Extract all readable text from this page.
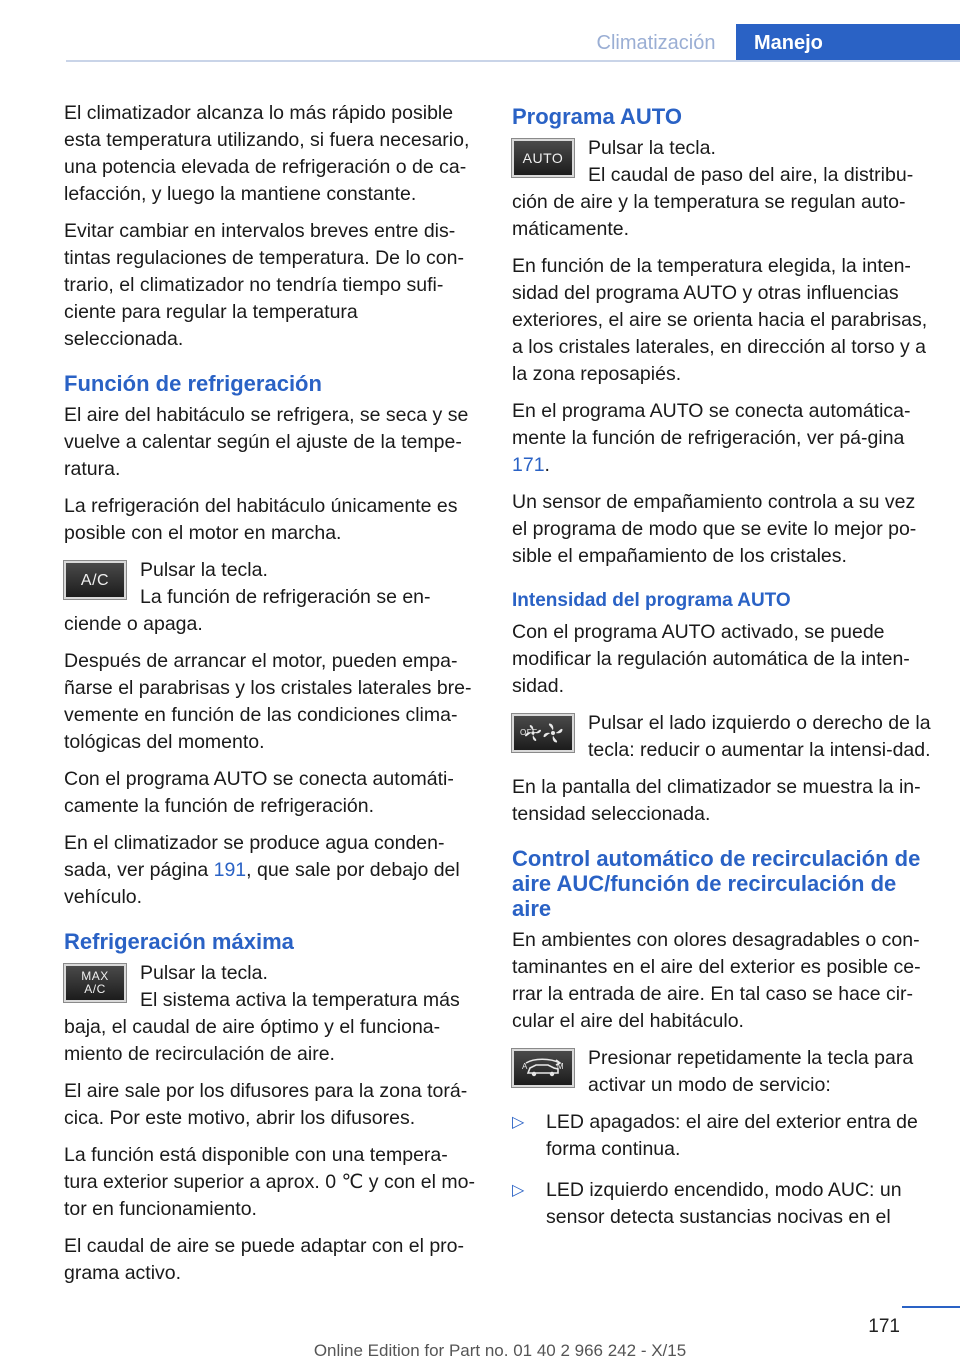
Climatización	Manejo

El climatizador alcanza lo más rápido posible esta temperatura utilizando, si fuera necesario, una potencia elevada de refrigeración o de ca-lefacción, y luego la mantiene constante.

Evitar cambiar en intervalos breves entre dis-tintas regulaciones de temperatura. De lo con-trario, el climatizador no tendría tiempo sufi-ciente para regular la temperatura seleccionada.

Función de refrigeración

El aire del habitáculo se refrigera, se seca y se vuelve a calentar según el ajuste de la tempe-ratura.

La refrigeración del habitáculo únicamente es posible con el motor en marcha.

A/C	Pulsar la tecla.

La función de refrigeración se en-ciende o apaga.

Después de arrancar el motor, pueden empa-ñarse el parabrisas y los cristales laterales bre-vemente en función de las condiciones clima-tológicas del momento.

Con el programa AUTO se conecta automáti-camente la función de refrigeración.

En el climatizador se produce agua conden-sada, ver página 191, que sale por debajo del vehículo.

Refrigeración máxima
MAX
A/C

Pulsar la tecla.

El sistema activa la temperatura más baja, el caudal de aire óptimo y el funciona-miento de recirculación de aire.

El aire sale por los difusores para la zona torá-cica. Por este motivo, abrir los difusores.

La función está disponible con una tempera-tura exterior superior a aprox. 0 ℃ y con el mo-tor en funcionamiento.

El caudal de aire se puede adaptar con el pro-grama activo.

Programa AUTO
AUTO	Pulsar la tecla.

El caudal de paso del aire, la distribu-ción de aire y la temperatura se regulan auto-máticamente.

En función de la temperatura elegida, la inten-sidad del programa AUTO y otras influencias exteriores, el aire se orienta hacia el parabrisas, a los cristales laterales, en dirección al torso y a la zona reposapiés.

En el programa AUTO se conecta automática-mente la función de refrigeración, ver pá-gina 171.

Un sensor de empañamiento controla a su vez el programa de modo que se evite lo mejor po-sible el empañamiento de los cristales.

Intensidad del programa AUTO

Con el programa AUTO activado, se puede modificar la regulación automática de la inten-sidad.

OFF	Pulsar el lado izquierdo o derecho de la tecla: reducir o aumentar la intensi-dad.

En la pantalla del climatizador se muestra la in-tensidad seleccionada.

Control automático de recirculación de aire AUC/función de recirculación de aire

En ambientes con olores desagradables o con-taminantes en el aire del exterior es posible ce-rrar la entrada de aire. En tal caso se hace cir-cular el aire del habitáculo.

A	M	Presionar repetidamente la tecla para activar un modo de servicio:

▷ LED apagados: el aire del exterior entra de forma continua.
▷ LED izquierdo encendido, modo AUC: un sensor detecta sustancias nocivas en el
171
Online Edition for Part no. 01 40 2 966 242 - X/15
